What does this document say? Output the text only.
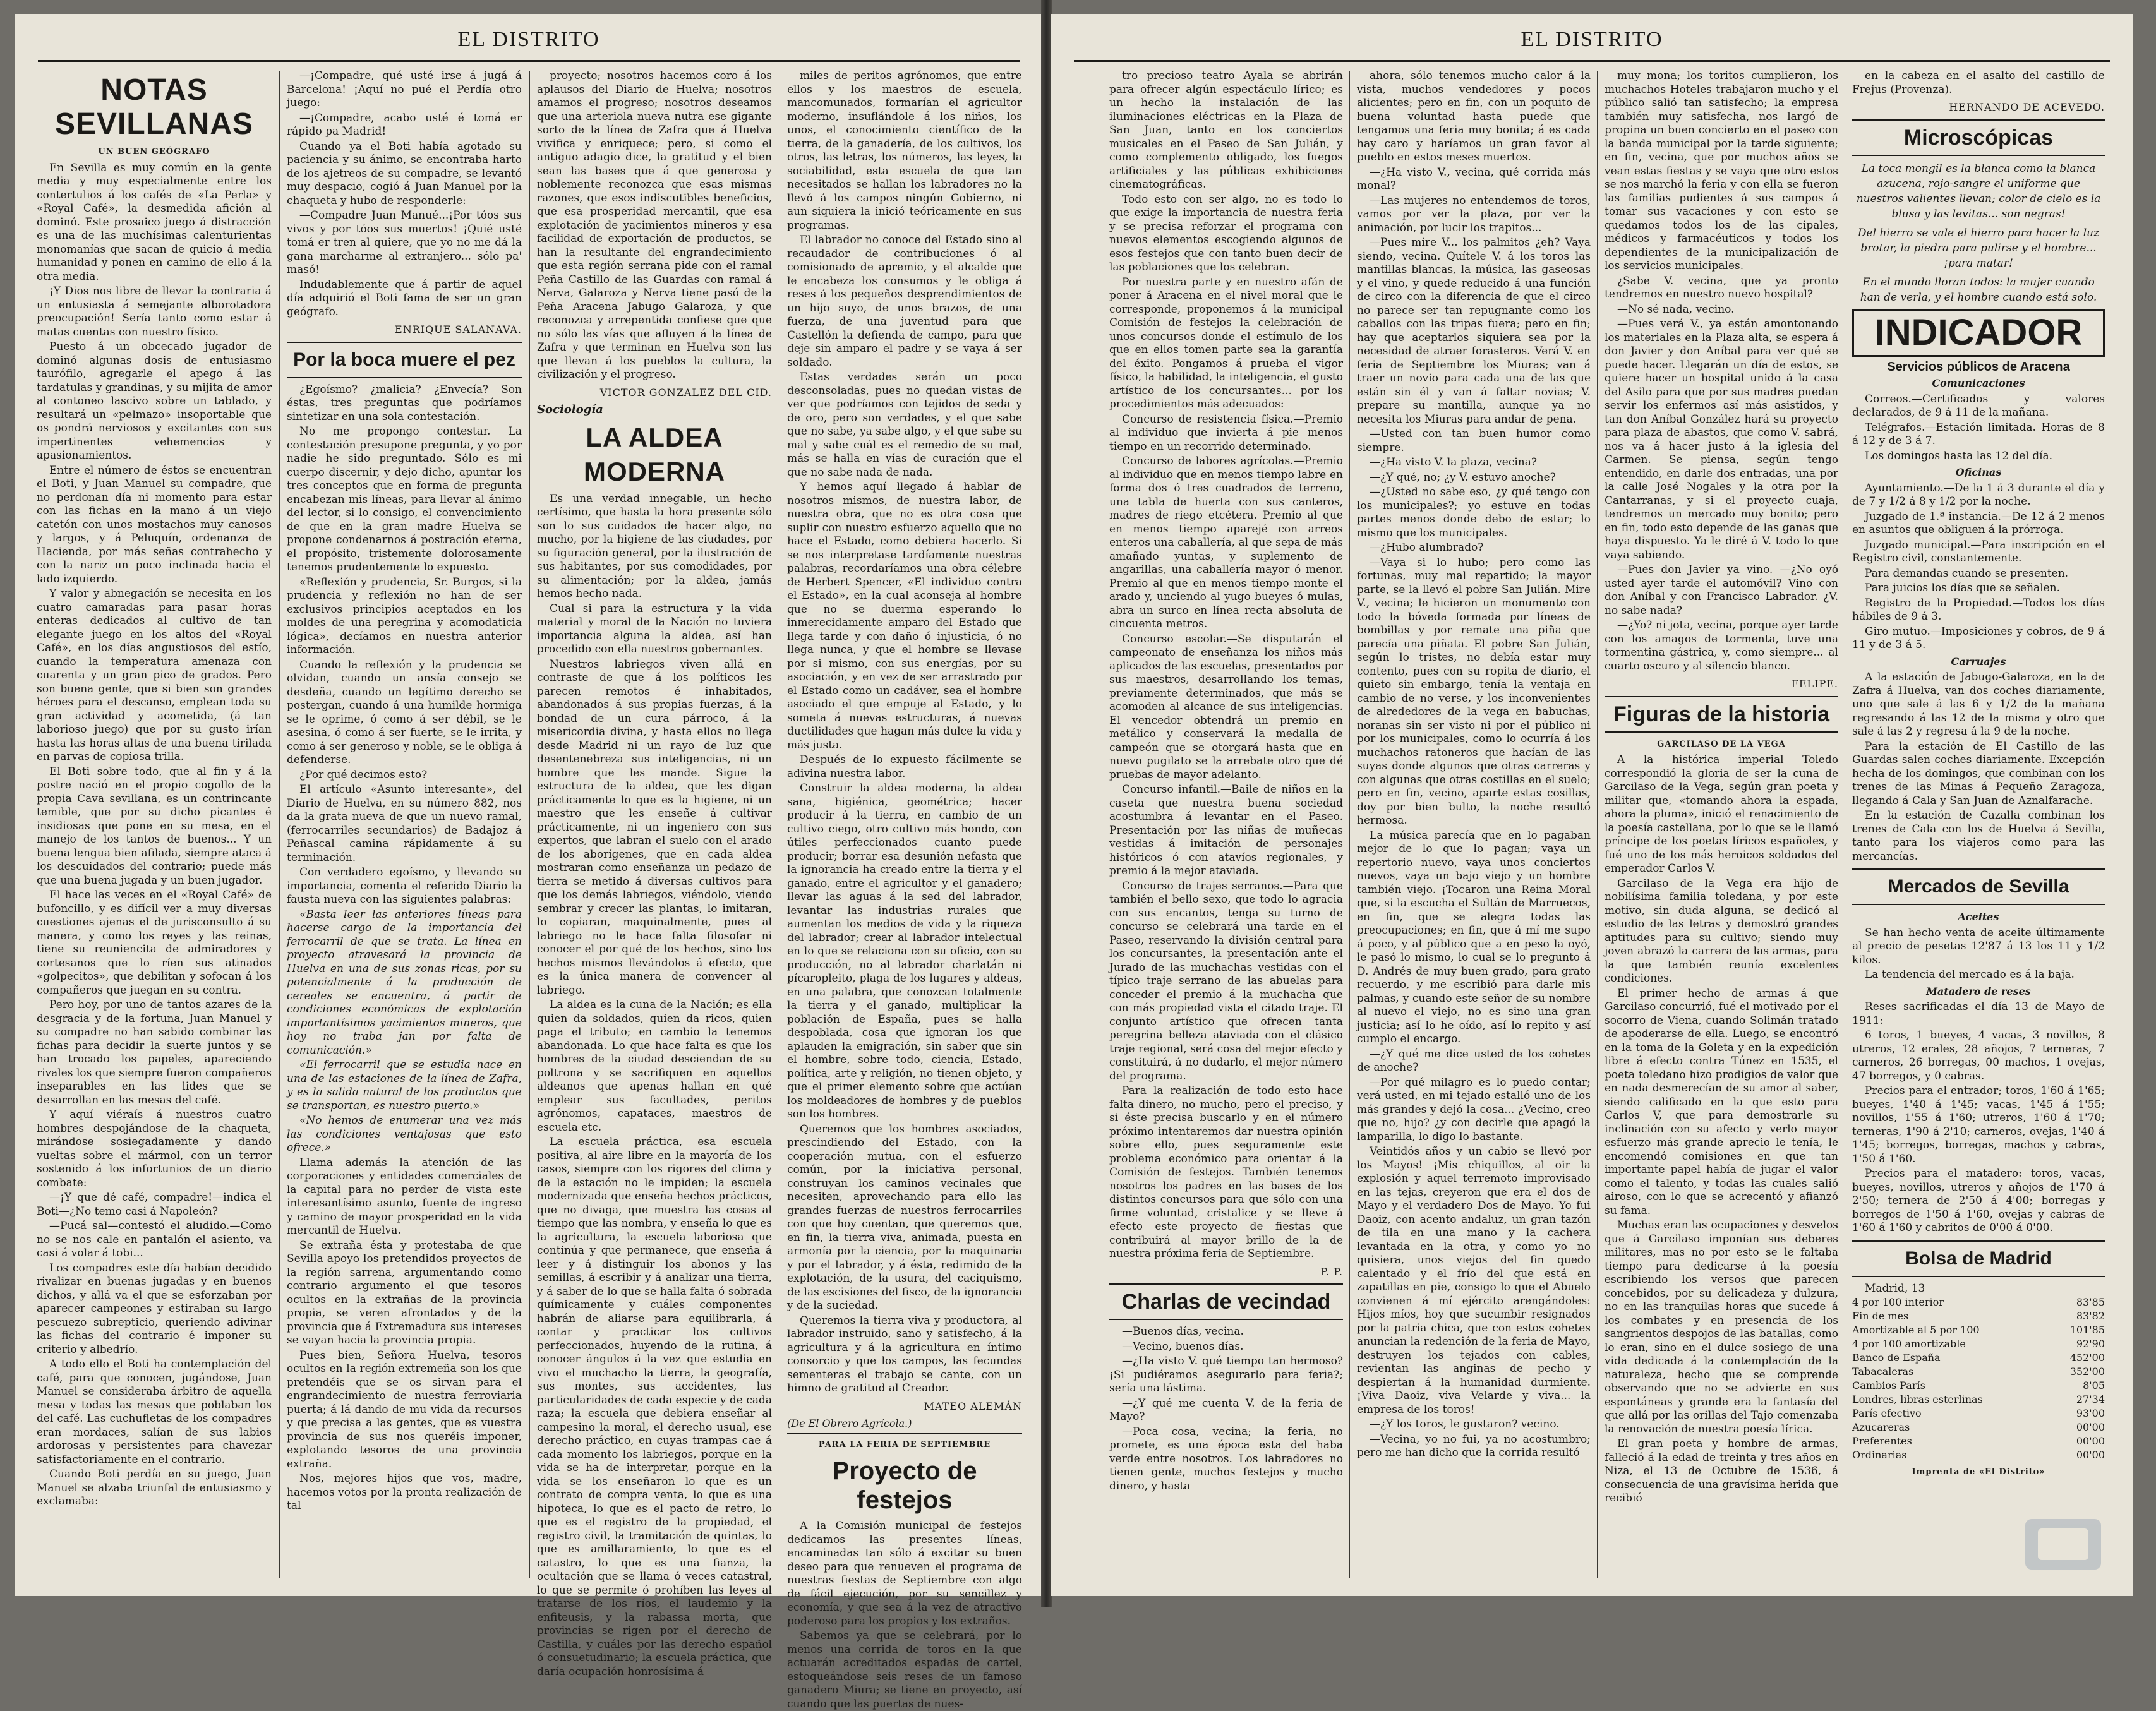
EL DISTRITO
NOTAS SEVILLANAS
UN BUEN GEÓGRAFO

En Sevilla es muy común en la gente media y muy especialmente entre los contertulios á los cafés de «La Perla» y «Royal Café», la desmedida afición al dominó. Este prosaico juego á distracción es una de las muchísimas calenturientas monomanías que sacan de quicio á media humanidad y ponen en camino de ello á la otra media.

¡Y Dios nos libre de llevar la contraria á un entusiasta á semejante alborotadora preocupación! Sería tanto como estar á matas cuentas con nuestro físico.

Puesto á un obcecado jugador de dominó algunas dosis de entusiasmo taurófilo, agregarle el apego á las tardatulas y grandinas, y su mijita de amor al contoneo lascivo sobre un tablado, y resultará un «pelmazo» insoportable que os pondrá nerviosos y excitantes con sus impertinentes vehemencias y apasionamientos.

Entre el número de éstos se encuentran el Boti, y Juan Manuel su compadre, que no perdonan día ni momento para estar con las fichas en la mano á un viejo catetón con unos mostachos muy canosos y largos, y á Peluquín, ordenanza de Hacienda, por más señas contrahecho y con la nariz un poco inclinada hacia el lado izquierdo.

Y valor y abnegación se necesita en los cuatro camaradas para pasar horas enteras dedicados al cultivo de tan elegante juego en los altos del «Royal Café», en los días angustiosos del estío, cuando la temperatura amenaza con cuarenta y un gran pico de grados. Pero son buena gente, que si bien son grandes héroes para el descanso, emplean toda su gran actividad y acometida, (á tan laborioso juego) que por su gusto irían hasta las horas altas de una buena tirilada en parvas de copiosa trilla.

El Boti sobre todo, que al fin y á la postre nació en el propio cogollo de la propia Cava sevillana, es un contrincante temible, que por su dicho picantes é insidiosas que pone en su mesa, en el manejo de los tantos de buenos... Y un buena lengua bien afilada, siempre ataca á los descuidados del contrario; puede más que una buena jugada y un buen jugador.

El hace las veces en el «Royal Café» de bufoncillo, y es difícil ver a muy diversas cuestiones ajenas el de jurisconsulto á su manera, y como los reyes y las reinas, tiene su reuniencita de admiradores y cortesanos que lo ríen sus atinados «golpecitos», que debilitan y sofocan á los compañeros que juegan en su contra.

Pero hoy, por uno de tantos azares de la desgracia y de la fortuna, Juan Manuel y su compadre no han sabido combinar las fichas para decidir la suerte juntos y se han trocado los papeles, apareciendo rivales los que siempre fueron compañeros inseparables en las lides que se desarrollan en las mesas del café.

Y aquí viéraís á nuestros cuatro hombres despojándose de la chaqueta, mirándose sosiegadamente y dando vueltas sobre el mármol, con un terror sostenido á los infortunios de un diario combate:

—¡Y que dé café, compadre!—indica el Boti—¿No temo casi á Napoleón?

—Pucá sal—contestó el aludido.—Como no se nos cale en pantalón el asiento, va casi á volar á tobi...

Los compadres este día habían decidido rivalizar en buenas jugadas y en buenos dichos, y allá va el que se esforzaban por aparecer campeones y estiraban su largo pescuezo subrepticio, queriendo adivinar las fichas del contrario é imponer su criterio y albedrío.

A todo ello el Boti ha contemplación del café, para que conocen, jugándose, Juan Manuel se consideraba árbitro de aquella mesa y todas las mesas que poblaban los del café. Las cuchufletas de los compadres eran mordaces, salían de sus labios ardorosas y persistentes para chavezar satisfactoriamente en el contrario.

Cuando Boti perdía en su juego, Juan Manuel se alzaba triunfal de entusiasmo y exclamaba:

—¡Compadre, qué usté irse á jugá á Barcelona! ¡Aquí no pué el Perdía otro juego:

—¡Compadre, acabo usté é tomá er rápido pa Madrid!

Cuando ya el Boti había agotado su paciencia y su ánimo, se encontraba harto de los ajetreos de su compadre, se levantó muy despacio, cogió á Juan Manuel por la chaqueta y hubo de responderle:

—Compadre Juan Manué...¡Por tóos sus vivos y por tóos sus muertos! ¡Quié usté tomá er tren al quiere, que yo no me dá la gana marcharme al extranjero... sólo pa' masó!

Indudablemente que á partir de aquel día adquirió el Boti fama de ser un gran geógrafo.

ENRIQUE SALANAVA.
Por la boca muere el pez

¿Egoísmo? ¿malicia? ¿Envecía? Son éstas, tres preguntas que podríamos sintetizar en una sola contestación.

No me propongo contestar. La contestación presupone pregunta, y yo por nadie he sido preguntado. Sólo es mi cuerpo discernir, y dejo dicho, apuntar los tres conceptos que en forma de pregunta encabezan mis líneas, para llevar al ánimo del lector, si lo consigo, el convencimiento de que en la gran madre Huelva se propone condenarnos á postración eterna, el propósito, tristemente dolorosamente tenemos prudentemente lo expuesto.

«Reflexión y prudencia, Sr. Burgos, si la prudencia y reflexión no han de ser exclusivos principios aceptados en los moldes de una peregrina y acomodaticia lógica», decíamos en nuestra anterior información.

Cuando la reflexión y la prudencia se olvidan, cuando un ansía consejo se desdeña, cuando un legítimo derecho se postergan, cuando á una humilde hormiga se le oprime, ó como á ser débil, se le asesina, ó como á ser fuerte, se le irrita, y como á ser generoso y noble, se le obliga á defenderse.

¿Por qué decimos esto?

El artículo «Asunto interesante», del Diario de Huelva, en su número 882, nos da la grata nueva de que un nuevo ramal, (ferrocarriles secundarios) de Badajoz á Peñascal camina rápidamente á su terminación.

Con verdadero egoísmo, y llevando su importancia, comenta el referido Diario la fausta nueva con las siguientes palabras:

«Basta leer las anteriores líneas para hacerse cargo de la importancia del ferrocarril de que se trata. La línea en proyecto atravesará la provincia de Huelva en una de sus zonas ricas, por su potencialmente á la producción de cereales se encuentra, á partir de condiciones económicas de explotación importantísimos yacimientos mineros, que hoy no traba jan por falta de comunicación.»

«El ferrocarril que se estudia nace en una de las estaciones de la línea de Zafra, y es la salida natural de los productos que se transportan, es nuestro puerto.»

«No hemos de enumerar una vez más las condiciones ventajosas que esto ofrece.»

Llama además la atención de las corporaciones y entidades comerciales de la capital para no perder de vista este interesantísimo asunto, fuente de ingreso y camino de mayor prosperidad en la vida mercantil de Huelva.

Se extraña ésta y protestaba de que Sevilla apoyo los pretendidos proyectos de la región sarrena, argumentando como contrario argumento el que tesoros ocultos en la extrañas de la provincia propia, se veren afrontados y de la provincia que á Extremadura sus intereses se vayan hacia la provincia propia.

Pues bien, Señora Huelva, tesoros ocultos en la región extremeña son los que pretendéis que se os sirvan para el engrandecimiento de nuestra ferroviaria puerta; á lá dando de mu vida da recursos y que precisa a las gentes, que es vuestra provincia de sus nos queréis imponer, explotando tesoros de una provincia extraña.

Nos, mejores hijos que vos, madre, hacemos votos por la pronta realización de tal

proyecto; nosotros hacemos coro á los aplausos del Diario de Huelva; nosotros amamos el progreso; nosotros deseamos que una arteriola nueva nutra ese gigante sorto de la línea de Zafra que á Huelva vivifica y enriquece; pero, si como el antiguo adagio dice, la gratitud y el bien sean las bases que á que generosa y noblemente reconozca que esas mismas razones, que esos indiscutibles beneficios, que esa prosperidad mercantil, que esa explotación de yacimientos mineros y esa facilidad de exportación de productos, se han la resultante del engrandecimiento que esta región serrana pide con el ramal Peña Castillo de las Guardas con ramal á Nerva, Galaroza y Nerva tiene pasó de la Peña Aracena Jabugo Galaroza, y que reconozca y arrepentida confiese que que no sólo las vías que afluyen á la línea de Zafra y que terminan en Huelva son las que llevan á los pueblos la cultura, la civilización y el progreso.

VICTOR GONZALEZ DEL CID.
Sociología
LA ALDEA MODERNA

Es una verdad innegable, un hecho certísimo, que hasta la hora presente sólo son lo sus cuidados de hacer algo, no mucho, por la higiene de las ciudades, por su figuración general, por la ilustración de sus habitantes, por sus comodidades, por su alimentación; por la aldea, jamás hemos hecho nada.

Cual si para la estructura y la vida material y moral de la Nación no tuviera importancia alguna la aldea, así han procedido con ella nuestros gobernantes.

Nuestros labriegos viven allá en contraste de que á los políticos les parecen remotos é inhabitados, abandonados á sus propias fuerzas, á la bondad de un cura párroco, á la misericordia divina, y hasta ellos no llega desde Madrid ni un rayo de luz que desentenebreza sus inteligencias, ni un hombre que les mande. Sigue la estructura de la aldea, que les digan prácticamente lo que es la higiene, ni un maestro que les enseñe á cultivar prácticamente, ni un ingeniero con sus expertos, que labran el suelo con el arado de los aborígenes, que en cada aldea mostraran como enseñanza un pedazo de tierra se metido á diversas cultivos para que los demás labriegos, viéndolo, viendo sembrar y crecer las plantas, lo imitaran, lo copiaran, maquinalmente, pues al labriego no le hace falta filosofar ni conocer el por qué de los hechos, sino los hechos mismos llevándolos á efecto, que es la única manera de convencer al labriego.

La aldea es la cuna de la Nación; es ella quien da soldados, quien da ricos, quien paga el tributo; en cambio la tenemos abandonada. Lo que hace falta es que los hombres de la ciudad desciendan de su poltrona y se sacrifiquen en aquellos aldeanos que apenas hallan en qué emplear sus facultades, peritos agrónomos, capataces, maestros de escuela etc.

La escuela práctica, esa escuela positiva, al aire libre en la mayoría de los casos, siempre con los rigores del clima y de la estación no le impiden; la escuela modernizada que enseña hechos prácticos, que no divaga, que muestra las cosas al tiempo que las nombra, y enseña lo que es la agricultura, la escuela laboriosa que continúa y que permanece, que enseña á leer y á distinguir los abonos y las semillas, á escribir y á analizar una tierra, y á saber de lo que se halla falta ó sobrada químicamente y cuáles componentes habrán de aliarse para equilibrarla, á contar y practicar los cultivos perfeccionados, huyendo de la rutina, á conocer ángulos á la vez que estudia en vivo el muchacho la tierra, la geografía, sus montes, sus accidentes, las particularidades de cada especie y de cada raza; la escuela que debiera enseñar al campesino la moral, el derecho usual, ese derecho práctico, en cuyas trampas cae á cada momento los labriegos, porque en la vida se ha de interpretar, porque en la vida se los enseñaron lo que es un contrato de compra venta, lo que es una hipoteca, lo que es el pacto de retro, lo que es el registro de la propiedad, el registro civil, la tramitación de quintas, lo que es amillaramiento, lo que es el catastro, lo que es una fianza, la ocultación que se llama ó veces catastral, lo que se permite ó prohíben las leyes al tratarse de los ríos, el laudemio y la enfiteusis, y la rabassa morta, que provincias se rigen por el derecho de Castilla, y cuáles por las derecho español ó consuetudinario; la escuela práctica, que daría ocupación honrosísima á

miles de peritos agrónomos, que entre ellos y los maestros de escuela, mancomunados, formarían el agricultor moderno, insuflándole á los niños, los unos, el conocimiento científico de la tierra, de la ganadería, de los cultivos, los otros, las letras, los números, las leyes, la sociabilidad, esta escuela de que tan necesitados se hallan los labradores no la llevó á los campos ningún Gobierno, ni aun siquiera la inició teóricamente en sus programas.

El labrador no conoce del Estado sino al recaudador de contribuciones ó al comisionado de apremio, y el alcalde que le encabeza los consumos y le obliga á reses á los pequeños desprendimientos de un hijo suyo, de unos brazos, de una fuerza, de una juventud para que Castellón la defienda de campo, para que deje sin amparo el padre y se vaya á ser soldado.

Estas verdades serán un poco desconsoladas, pues no quedan vistas de ver que podríamos con tejidos de seda y de oro, pero son verdades, y el que sabe que no sabe, ya sabe algo, y el que sabe su mal y sabe cuál es el remedio de su mal, más se halla en vías de curación que el que no sabe nada de nada.

Y hemos aquí llegado á hablar de nosotros mismos, de nuestra labor, de nuestra obra, que no es otra cosa que suplir con nuestro esfuerzo aquello que no hace el Estado, como debiera hacerlo. Si se nos interpretase tardíamente nuestras palabras, recordaríamos una obra célebre de Herbert Spencer, «El individuo contra el Estado», en la cual aconseja al hombre que no se duerma esperando lo inmerecidamente amparo del Estado que llega tarde y con daño ó injusticia, ó no llega nunca, y que el hombre se llevase por si mismo, con sus energías, por su asociación, y en vez de ser arrastrado por el Estado como un cadáver, sea el hombre asociado el que empuje al Estado, y lo someta á nuevas estructuras, á nuevas ductilidades que hagan más dulce la vida y más justa.

Después de lo expuesto fácilmente se adivina nuestra labor.

Construir la aldea moderna, la aldea sana, higiénica, geométrica; hacer producir á la tierra, en cambio de un cultivo ciego, otro cultivo más hondo, con útiles perfeccionados cuanto puede producir; borrar esa desunión nefasta que la ignorancia ha creado entre la tierra y el ganado, entre el agricultor y el ganadero; llevar las aguas á la sed del labrador, levantar las industrias rurales que aumentan los medios de vida y la riqueza del labrador; crear al labrador intelectual en lo que se relaciona con su oficio, con su producción, no al labrador charlatán ni pícaropleito, plaga de los lugares y aldeas, en una palabra, que conozcan totalmente la tierra y el ganado, multiplicar la población de España, pues se halla despoblada, cosa que ignoran los que aplauden la emigración, sin saber que sin el hombre, sobre todo, ciencia, Estado, política, arte y religión, no tienen objeto, y que el primer elemento sobre que actúan los moldeadores de hombres y de pueblos son los hombres.

Queremos que los hombres asociados, prescindiendo del Estado, con la cooperación mutua, con el esfuerzo común, por la iniciativa personal, construyan los caminos vecinales que necesiten, aprovechando para ello las grandes fuerzas de nuestros ferrocarriles con que hoy cuentan, que queremos que, en fin, la tierra viva, animada, puesta en armonía por la ciencia, por la maquinaria y por el labrador, y á ésta, redimido de la explotación, de la usura, del caciquismo, de las escisiones del fisco, de la ignorancia y de la suciedad.

Queremos la tierra viva y productora, al labrador instruido, sano y satisfecho, á la agricultura y á la agricultura en íntimo consorcio y que los campos, las fecundas sementeras el trabajo se cante, con un himno de gratitud al Creador.

MATEO ALEMÁN
(De El Obrero Agrícola.)
PARA LA FERIA DE SEPTIEMBRE
Proyecto de festejos

A la Comisión municipal de festejos dedicamos las presentes líneas, encaminadas tan sólo á excitar su buen deseo para que renueven el programa de nuestras fiestas de Septiembre con algo de fácil ejecución, por su sencillez y economía, y que sea á la vez de atractivo poderoso para los propios y los extraños.

Sabemos ya que se celebrará, por lo menos una corrida de toros en la que actuarán acreditados espadas de cartel, estoqueándose seis reses de un famoso ganadero Miura; se tiene en proyecto, así cuando que las puertas de nues-

EL DISTRITO

tro precioso teatro Ayala se abrirán para ofrecer algún espectáculo lírico; es un hecho la instalación de las iluminaciones eléctricas en la Plaza de San Juan, tanto en los conciertos musicales en el Paseo de San Julián, y como complemento obligado, los fuegos artificiales y las públicas exhibiciones cinematográficas.

Todo esto con ser algo, no es todo lo que exige la importancia de nuestra feria y se precisa reforzar el programa con nuevos elementos escogiendo algunos de esos festejos que con tanto buen decir de las poblaciones que los celebran.

Por nuestra parte y en nuestro afán de poner á Aracena en el nivel moral que le corresponde, proponemos á la municipal Comisión de festejos la celebración de unos concursos donde el estímulo de los que en ellos tomen parte sea la garantía del éxito. Pongamos á prueba el vigor físico, la habilidad, la inteligencia, el gusto artístico de los concursantes... por los procedimientos más adecuados:

Concurso de resistencia física.—Premio al individuo que invierta á pie menos tiempo en un recorrido determinado.

Concurso de labores agrícolas.—Premio al individuo que en menos tiempo labre en forma dos ó tres cuadrados de terreno, una tabla de huerta con sus canteros, madres de riego etcétera. Premio al que en menos tiempo aparejé con arreos enteros una caballería, al que sepa de más amañado yuntas, y suplemento de angarillas, una caballería mayor ó menor. Premio al que en menos tiempo monte el arado y, unciendo al yugo bueyes ó mulas, abra un surco en línea recta absoluta de cincuenta metros.

Concurso escolar.—Se disputarán el campeonato de enseñanza los niños más aplicados de las escuelas, presentados por sus maestros, desarrollando los temas, previamente determinados, que más se acomoden al alcance de sus inteligencias. El vencedor obtendrá un premio en metálico y conservará la medalla de campeón que se otorgará hasta que en nuevo pugilato se la arrebate otro que dé pruebas de mayor adelanto.

Concurso infantil.—Baile de niños en la caseta que nuestra buena sociedad acostumbra á levantar en el Paseo. Presentación por las niñas de muñecas vestidas á imitación de personajes históricos ó con atavíos regionales, y premio á la mejor ataviada.

Concurso de trajes serranos.—Para que también el bello sexo, que todo lo agracia con sus encantos, tenga su turno de concurso se celebrará una tarde en el Paseo, reservando la división central para los concursantes, la presentación ante el Jurado de las muchachas vestidas con el típico traje serrano de las abuelas para conceder el premio á la muchacha que con más propiedad vista el citado traje. El conjunto artístico que ofrecen tanta peregrina belleza ataviada con el clásico traje regional, será cosa del mejor efecto y constituirá, á no dudarlo, el mejor número del programa.

Para la realización de todo esto hace falta dinero, no mucho, pero el preciso, y si éste precisa buscarlo y en el número próximo intentaremos dar nuestra opinión sobre ello, pues seguramente este problema económico para orientar á la Comisión de festejos. También tenemos nosotros los padres en las bases de los distintos concursos para que sólo con una firme voluntad, cristalice y se lleve á efecto este proyecto de fiestas que contribuirá al mayor brillo de la de nuestra próxima feria de Septiembre.

P. P.
Charlas de vecindad

—Buenos días, vecina.

—Vecino, buenos días.

—¿Ha visto V. qué tiempo tan hermoso? ¡Si pudiéramos asegurarlo para feria?; sería una lástima.

—¿Y qué me cuenta V. de la feria de Mayo?

—Poca cosa, vecina; la feria, no promete, es una época esta del haba verde entre nosotros. Los labradores no tienen gente, muchos festejos y mucho dinero, y hasta

ahora, sólo tenemos mucho calor á la vista, muchos vendedores y pocos alicientes; pero en fin, con un poquito de buena voluntad hasta puede que tengamos una feria muy bonita; á es cada hay caro y haríamos un gran favor al pueblo en estos meses muertos.

—¿Ha visto V., vecina, qué corrida más monal?

—Las mujeres no entendemos de toros, vamos por ver la plaza, por ver la animación, por lucir los trapitos...

—Pues mire V... los palmitos ¿eh? Vaya siendo, vecina. Quítele V. á los toros las mantillas blancas, la música, las gaseosas y el vino, y quede reducido á una función de circo con la diferencia de que el circo no parece ser tan repugnante como los caballos con las tripas fuera; pero en fin; hay que aceptarlos siquiera sea por la necesidad de atraer forasteros. Verá V. en feria de Septiembre los Miuras; van á traer un novio para cada una de las que están sin él y van á faltar novias; V. prepare su mantilla, aunque ya no necesita los Miuras para andar de pena.

—Usted con tan buen humor como siempre.

—¿Ha visto V. la plaza, vecina?

—¿Y qué, no; ¿y V. estuvo anoche?

—¿Usted no sabe eso, ¿y qué tengo con los municipales?; yo estuve en todas partes menos donde debo de estar; lo mismo que los municipales.

—¿Hubo alumbrado?

—Vaya si lo hubo; pero como las fortunas, muy mal repartido; la mayor parte, se la llevó el pobre San Julián. Mire V., vecina; le hicieron un monumento con todo la bóveda formada por líneas de bombillas y por remate una piña que parecía una piñata. El pobre San Julián, según lo tristes, no debía estar muy contento, pues con su ropita de diario, el quieto sin embargo, tenía la ventaja en cambio de no verse, y los inconvenientes de alrededores de la vega en babuchas, noranas sin ser visto ni por el público ni por los municipales, como lo ocurría á los muchachos ratoneros que hacían de las suyas donde algunos que otras carreras y con algunas que otras costillas en el suelo; pero en fin, vecino, aparte estas cosillas, doy por bien bulto, la noche resultó hermosa.

La música parecía que en lo pagaban mejor de lo que lo pagan; vaya un repertorio nuevo, vaya unos conciertos nuevos, vaya un bajo viejo y un hombre también viejo. ¡Tocaron una Reina Moral que, si la escucha el Sultán de Marruecos, en fin, que se alegra todas las preocupaciones; en fin, que á mí me supo á poco, y al público que a en peso la oyó, le pasó lo mismo, lo cual se lo pregunto á D. Andrés de muy buen grado, para grato recuerdo, y me escribió para darle mis palmas, y cuando este señor de su nombre al nuevo el viejo, no es sino una gran justicia; así lo he oído, así lo repito y así cumplo el encargo.

—¿Y qué me dice usted de los cohetes de anoche?

—Por qué milagro es lo puedo contar; verá usted, en mi tejado estalló uno de los más grandes y dejó la cosa... ¿Vecino, creo que no, hijo? ¿y con decirle que apagó la lamparilla, lo digo lo bastante.

Veintidós años y un cabio se llevó por los Mayos! ¡Mis chiquillos, al oir la explosión y aquel terremoto improvisado en las tejas, creyeron que era el dos de Mayo y el verdadero Dos de Mayo. Yo fui Daoiz, con acento andaluz, un gran tazón de tila en una mano y la cachera levantada en la otra, y como yo no quisiera, unos viejos del fin quedo calentado y el frío del que está en zapatillas en pie, consigo lo que el Abuelo convienen á mí ejército arengándoles: Hijos míos, hoy que sucumbir resignados por la patria chica, que con estos cohetes anuncian la redención de la feria de Mayo, destruyen los tejados con cables, revientan las anginas de pecho y despiertan á la humanidad durmiente. ¡Viva Daoiz, viva Velarde y viva... la empresa de los toros!

—¿Y los toros, le gustaron? vecino.

—Vecina, yo no fui, ya no acostumbro; pero me han dicho que la corrida resultó

muy mona; los toritos cumplieron, los muchachos Hoteles trabajaron mucho y el público salió tan satisfecho; la empresa también muy satisfecha, nos largó de propina un buen concierto en el paseo con la banda municipal por la tarde siguiente; en fin, vecina, que por muchos años se vean estas fiestas y se vaya que otro estos se nos marchó la feria y con ella se fueron las familias pudientes á sus campos á tomar sus vacaciones y con esto se quedamos todos los de las cipales, médicos y farmacéuticos y todos los dependientes de la municipalización de los servicios municipales.

¿Sabe V. vecina, que ya pronto tendremos en nuestro nuevo hospital?

—No sé nada, vecino.

—Pues verá V., ya están amontonando los materiales en la Plaza alta, se espera á don Javier y don Aníbal para ver qué se puede hacer. Llegarán un día de estos, se quiere hacer un hospital unido á la casa del Asilo para que por sus madres puedan servir los enfermos así más asistidos, y tan don Aníbal González hará su proyecto para plaza de abastos, que como V. sabrá, nos va á hacer justo á la iglesia del Carmen. Se piensa, según tengo entendido, en darle dos entradas, una por la calle José Nogales y la otra por la Cantarranas, y si el proyecto cuaja, tendremos un mercado muy bonito; pero en fin, todo esto depende de las ganas que haya dispuesto. Ya le diré á V. todo lo que vaya sabiendo.

—Pues don Javier ya vino. —¿No oyó usted ayer tarde el automóvil? Vino con don Aníbal y con Francisco Labrador. ¿V. no sabe nada?

—¿Yo? ni jota, vecina, porque ayer tarde con los amagos de tormenta, tuve una tormentina gástrica, y, como siempre... al cuarto oscuro y al silencio blanco.

FELIPE.
Figuras de la historia
GARCILASO DE LA VEGA

A la histórica imperial Toledo correspondió la gloria de ser la cuna de Garcilaso de la Vega, según gran poeta y militar que, «tomando ahora la espada, ahora la pluma», inició el renacimiento de la poesía castellana, por lo que se le llamó príncipe de los poetas líricos españoles, y fué uno de los más heroicos soldados del emperador Carlos V.

Garcilaso de la Vega era hijo de nobilísima familia toledana, y por este motivo, sin duda alguna, se dedicó al estudio de las letras y demostró grandes aptitudes para su cultivo; siendo muy joven abrazó la carrera de las armas, para la que también reunía excelentes condiciones.

El primer hecho de armas á que Garcilaso concurrió, fué el motivado por el socorro de Viena, cuando Solimán tratado de apoderarse de ella. Luego, se encontró en la toma de la Goleta y en la expedición libre á efecto contra Túnez en 1535, el poeta toledano hizo prodigios de valor que en nada desmerecían de su amor al saber, siendo calificado en la que esto para Carlos V, que para demostrarle su inclinación con su afecto y verlo mayor esfuerzo más grande aprecio le tenía, le encomendó comisiones en que tan importante papel había de jugar el valor como el talento, y todas las cuales salió airoso, con lo que se acrecentó y afianzó su fama.

Muchas eran las ocupaciones y desvelos que á Garcilaso imponían sus deberes militares, mas no por esto se le faltaba tiempo para dedicarse á la poesía escribiendo los versos que parecen concebidos, por su delicadeza y dulzura, no en las tranquilas horas que sucede á los combates y en presencia de los sangrientos despojos de las batallas, como lo eran, sino en el dulce sosiego de una vida dedicada á la contemplación de la naturaleza, hecho que se comprende observando que no se advierte en sus espontáneas y grande era la fantasía del que allá por las orillas del Tajo comenzaba la renovación de nuestra poesía lírica.

El gran poeta y hombre de armas, falleció á la edad de treinta y tres años en Niza, el 13 de Octubre de 1536, á consecuencia de una gravísima herida que recibió

en la cabeza en el asalto del castillo de Frejus (Provenza).

HERNANDO DE ACEVEDO.
Microscópicas
La toca mongil es la blanca como la blanca azucena, rojo-sangre el uniforme que nuestros valientes llevan; color de cielo es la blusa y las levitas... son negras!
Del hierro se vale el hierro para hacer la luz brotar, la piedra para pulirse y el hombre... ¡para matar!
En el mundo lloran todos: la mujer cuando han de verla, y el hombre cuando está solo.
INDICADOR
Servicios públicos de Aracena
Comunicaciones

Correos.—Certificados y valores declarados, de 9 á 11 de la mañana.

Telégrafos.—Estación limitada. Horas de 8 á 12 y de 3 á 7.

Los domingos hasta las 12 del día.

Oficinas

Ayuntamiento.—De la 1 á 3 durante el día y de 7 y 1/2 á 8 y 1/2 por la noche.

Juzgado de 1.ª instancia.—De 12 á 2 menos en asuntos que obliguen á la prórroga.

Juzgado municipal.—Para inscripción en el Registro civil, constantemente.

Para demandas cuando se presenten.

Para juicios los días que se señalen.

Registro de la Propiedad.—Todos los días hábiles de 9 á 3.

Giro mutuo.—Imposiciones y cobros, de 9 á 11 y de 3 á 5.

Carruajes

A la estación de Jabugo-Galaroza, en la de Zafra á Huelva, van dos coches diariamente, uno que sale á las 6 y 1/2 de la mañana regresando á las 12 de la misma y otro que sale á las 2 y regresa á la 9 de la noche.

Para la estación de El Castillo de las Guardas salen coches diariamente. Excepción hecha de los domingos, que combinan con los trenes de las Minas á Pequeño Zaragoza, llegando á Cala y San Juan de Aznalfarache.

En la estación de Cazalla combinan los trenes de Cala con los de Huelva á Sevilla, tanto para los viajeros como para las mercancías.

Mercados de Sevilla
Aceites

Se han hecho venta de aceite últimamente al precio de pesetas 12'87 á 13 los 11 y 1/2 kilos.

La tendencia del mercado es á la baja.

Matadero de reses

Reses sacrificadas el día 13 de Mayo de 1911:

6 toros, 1 bueyes, 4 vacas, 3 novillos, 8 utreros, 12 erales, 28 añojos, 7 terneras, 7 carneros, 26 borregas, 00 machos, 1 ovejas, 47 borregos, y 0 cabras.

Precios para el entrador; toros, 1'60 á 1'65; bueyes, 1'40 á 1'45; vacas, 1'45 á 1'55; novillos, 1'55 á 1'60; utreros, 1'60 á 1'70; terneras, 1'90 á 2'10; carneros, ovejas, 1'40 á 1'45; borregos, borregas, machos y cabras, 1'50 á 1'60.

Precios para el matadero: toros, vacas, bueyes, novillos, utreros y añojos de 1'70 á 2'50; ternera de 2'50 á 4'00; borregas y borregos de 1'50 á 1'60, ovejas y cabras de 1'60 á 1'60 y cabritos de 0'00 á 0'00.

Bolsa de Madrid
Madrid, 13
4 por 100 interior	83'85
Fin de mes	83'82
Amortizable al 5 por 100	101'85
4 por 100 amortizable	92'90
Banco de España	452'00
Tabacaleras	352'00
Cambios París	8'05
Londres, libras esterlinas	27'34
París efectivo	93'00
Azucareras	00'00
Preferentes	00'00
Ordinarias	00'00
Imprenta de «El Distrito»
